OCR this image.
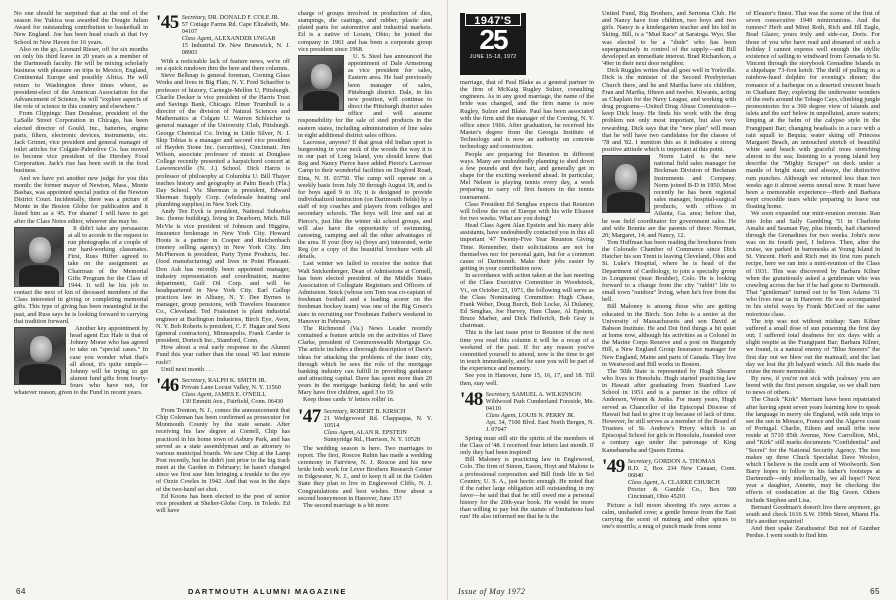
No one should be surprised that at the end of the season Joe Yukica was awarded the Dougie Julian Award for outstanding contribution to basketball in New England. Joe has been head coach at that Ivy School in New Haven for 16 years.

Also on the go, Leonard Rieser, off for six months on only his third leave in 20 years as a member of the Dartmouth faculty. He will be mixing scholarly business with pleasure on trips to Mexico, England, Continental Europe and possibly Africa. He will return to Washington three times where, as president-elect of the American Association for the Advancement of Science, he will "explore aspects of the role of science in this country and elsewhere."

From Clippings: Dan Donahue, president of the LaSalle Street Corporation in Chicago, has been elected director of Gould, Inc., batteries, engine parts, filters, electronic devices, instruments, etc. Jack Grimm, vice president and general manager of toilet articles for Colgate-Palmolive Co. has moved to become vice president of the Hershey Food Corporation. Jack's rise has been swift in the food business.

And we have yet another new judge for you this month: the former mayor of Newton, Mass., Monte Basbas, was appointed special justice of the Newton District Court. Incidentally, there was a picture of Monte in the Boston Globe for publication and it listed him as a '45. For shame! I will have to get after the Class Notes editor, whoever she may be.

It didn't take any persuasion at all to accede to the request to run photographs of a couple of our hard-working classmates. First, Russ Hiffer agreed to take on the assignment as Chairman of the Memorial Gifts Program for the Class of 1944. It will be his job to contact the next of kin of deceased members of the Class interested in giving or completing memorial gifts. This type of giving has been meaningful in the past, and Russ says he is looking forward to carrying that tradition forward.

Another key appointment by head agent Ezz Hale is that of Johnny Morse who has agreed to take on "special cases." In case you wonder what that's all about, it's quite simple—Johnny will be trying to get alumni fund gifts from fourty-fours who have not, for whatever reason, given to the Fund in recent years.

'45 Secretary, DR. DONALD F. COLE JR.
57 Cottage Farms Rd. Cape Elizabeth, Me. 04107
Class Agent, ALEXANDER UNGAR
15 Industrial Dr. New Brunswick, N. J. 08903

With a noticeable lack of feature news, we're off on a quick rundown thru the here and there columns.

Steve Belknap is general foreman, Corning Glass Works and lives in Big Flats, N. Y. Fred Schaeffer is professor of history, Carnegie-Mellon U, Pittsburgh. Charlie Decker is vice president of the Harris Trust and Savings Bank, Chicago. Elmer Trumbull is a director of the division of Natural Sciences and Mathematics at Colgate U. Warren Schleicher is general manager of the University Club, Pittsburgh. George Chemical Co. living in Little Silver, N. J. Skip Tobias is a manager and second vice president of Hayden Stone Inc. (securities), Cincinnati. Jim Wilson, associate professor of music at Douglass College recently presented a harpsichord concert at Lawrenceville (N. J.) School. Dick Harris is professor of philosophy at Columbia U. Bill Thayer teaches history and geography at Palm Beach (Fla.) Day School. Vic Sherman is president, Edward Sherman Supply Corp. (wholesale heating and plumbing supplies) in New York City.

Andy Ten Eyck is president, National Suburbia Inc. (home building), living in Dearborn, Mich. Bill McVie is vice president of Johnson and Higgins, insurance brokerage in New York City. Howard Hoots is a partner in Cooper and Reichenbach (money selling agency) in New York City. Jim McPherson is president, Party Tyme Products, Inc. (food manufacturing) and lives in Point Pleasant. Don Ash has recently been appointed manager, industry representation and coordination, marine department, Gulf Oil Corp. and will be headquartered in New York City. Earl Gallup practices law in Albany, N. Y. Dee Byrnes is manager, group pensions, with Travelers Insurance Co., Cleveland. Ted Fraissinet is plant industrial engineer at Burlington Industries, Birch Eye, Avon, N. Y. Bob Roberts is president, C. F. Hagan and Sons (general contractors), Minneapolis. Frank Carder is president, Dortech Inc., Stamford, Conn.

How about a real early response to the Alumni Fund this year rather than the usual '45 last minute rush!!

Until next month . . .

'46 Secretary, RALPH K. SMITH JR.
Private Lane Locust Valley, N. Y. 11560
Class Agent, JAMES E. O'NEILL
130 Emmitt Ave., Fairfield, Conn. 06430

From Trenton, N. J., comes the announcement that Chip Coleman has been confirmed as prosecutor for Monmouth County by the state senate. After receiving his law degree at Cornell, Chip has practiced in his home town of Asbury Park, and has served as a state assemblyman and as attorney to various municipal boards. We saw Chip at the Lamp Post recently, but he didn't just prior to the big track meet at the Garden in February; he hasn't changed since we first saw him bringing a trunkle to the eye of Ozzie Cowles in 1942. And that was in the days of the two-hand set shot.

Ed Koons has been elected to the post of senior vice president at Shelter-Globe Corp. in Toledo. Ed will have

charge of groups involved in production of dies, stampings, die castings, and rubber, plastic and plated parts for automotive and industrial markets. Ed is a native of Lorain, Ohio; he joined the company in 1961 and has been a corporate group vice president since 1968.

U. S. Steel has announced the appointment of Dale Armstrong as vice president for sales, Eastern area. He had previously been manager of sales, Pittsburgh district. Dale, in his new position, will continue to direct the Pittsburgh district sales office and will assume responsibility for the sale of steel products in the eastern states, including administration of line sales in eight additional district sales offices.

Lacrosse, anyone? If that great old Indian sport is burgeoning in your neck of the woods the way it is in our part of Long Island, you should know that Reg and Nancy Pierce have added Pierce's Lacrosse Camp to their wonderful facilities on Dogford Road, Etna, N. H. 03750. The camp will operate on a weekly basis from July 30 through August 18, and is for boys aged 9 to 16; it is designed to provide individualized instruction (on Dartmouth fields) by a staff of top coaches and players from colleges and secondary schools. The boys will live and eat at Pierce's, just like the winter ski school groups, and will also have the opportunity of swimming, canoeing, camping and all the other advantages of the area. If your (boy is) (boys are) interested, write Reg (or a copy of the beautiful brochure with all details.

Last winter we failed to receive the notice that Walt Snickenberger, Dean of Admissions at Cornell, has been elected president of the Middle States Association of Collegiate Registrars and Officers of Admission. Snick (whose son Tom was co-captain of freshman football and a leading scorer on the freshman hockey team) was one of the Big Green's stars in recruiting our Freshman Father's weekend in Hanover in February.

The Richmond (Va.) News Leader recently contained a feature article on the activities of Dave Clarke, president of Commonwealth Mortgage Co. The article includes a thorough description of Dave's ideas for attacking the problems of the inner city, through which he sees the role of the mortgage banking industry can fulfill in providing guidance and attracting capital. Dave has spent more than 20 years in the mortgage banking field; he and wife Mary have five children, aged 3 to 19.

Keep those cards 'n' letters rollin' in.

'47 Secretary, ROBERT B. KIRSCH
21 Wedgewood Rd. Chappaqua, N. Y. 10514
Class Agent, ALAN R. EPSTEIN
Sunnyridge Rd., Harrison, N. Y. 10528

The wedding season is here. Two marriages to report. The first, Roscoe Rubin has made a wedding ceremony in Fairview, N. J. Roscoe and his new bride both work for Lever Brothers Research Center in Edgewater, N. J., and to keep it all in the Golden State they plan to live in Englewood Cliffs, N. J. Congratulations and best wishes. How about a second honeymoon in Hanover, June 15?

The second marriage is a bit more

64	DARTMOUTH ALUMNI MAGAZINE
1947'S
25
JUNE 15-18, 1972

marriage, that of Paul Blake as a general partner in the firm of McKaig Rugley Sulzer, consulting engineers. As in any good marriage, the name of the bride was changed, and the firm name is now Rugley, Sulzer and Blake. Paul has been associated with the firm and the manager of the Corning, N. Y. office since 1966. After graduation, he received his Master's degree from the Georgia Institute of Technology and is now an authority on concrete technology and construction.

People are preparing for Reunion in different ways. Many are undoubtedly planning to shed down a few pounds and dye hair, and generally get in shape for the exciting weekend ahead. In particular, Mel Nelson is playing tennis every day, a week preparing to carry off first honors in the tennis tournament.

Class President Ed Senghas expects that Reunion will follow the run of Europe with his wife Eleanor for two weeks. What are you doing?

Head Class Agent Alan Epstein and his many able assistants, have undoubtedly contacted you in this all important '47 Twenty-Five Year Reunion Giving Time. Remember, their solicitations are not for themselves nor for personal gain, but for a common cause of Dartmouth. Make their jobs easier by getting in your contribution now.

In accordance with action taken at the last meeting of the Class Executive Committee in Woodstock, Vt., on October 23, 1971, the following will serve as the Class Nominating Committee: Hugh Chase, Frank Weber, Doug Burch, Bob Locke, Al Dulaney, Ed Senghas, Joe Harvey, Ham Chase, Al Epstein, Bruce Marher, and Dick Helferich, Bob Gray is chairman.

This is the last issue prior to Reunion of the next time you read this column it will be a recap of a weekend of the past. If for any reason you've committed yourself to attend, now is the time to get in touch immediately, and be sure you will be part of the experience and memory.

See you in Hanover, June 15, 16, 17, and 18. Till then, stay well.

'48 Secretary, SAMUEL A. WILKINSON
Wildwood Park Cumberland Foreside, Me. 04110
Class Agent, LOUIS N. PERRY JR.
Apt. 34, 7100 Blvd. East North Bergen, N. J. 07047

Spring must still stir the spirits of the members of the Class of '48. I received four letters last month. If only they had been inspired!

Bill Maloney is practicing law in Englewood, Colo. The firm of Simon, Eason, Hoyt and Malone is a professional corporation and Bill finds life in Sol Country, U. S. A., just hectic enough. He noted that if the rather large obligation still outstanding in my favor—he said that that he still owed me a personal history for the 20th-year book. He would be more than willing to pay but the statute of limitations had run! He also informed me that he is the

United Fund, Big Brothers, and Sertoma Club. He and Nancy have four children, two boys and two girls. Nancy is a kindergarten teacher and his kid in Skiing. Bill, is a "Mud Race" at Saratoga. Wyo. She was elected to be a "dude" who has been supergenuinely in control of the supply—and Bill developed an immediate interest. Brad Richardson, a '49er in their next door neighbor.

Dick Ruggles writes that all goes well in Yorkville. Dick is the minister of the Second Presbyterian Church there, and he and Martha have six children, Fran and Martha, fifteen and twelve. Kiwanis, acting as Chaplain for the Navy League, and working with drug programs—United Drug Abuse Commission—keep Dick busy. He finds his work with the drug problem not only most important, but also very rewarding. Dick says that the "new plan" will mean that he will have two candidates for the classes of '78 and '82. I mention this as it indicates a strong positive attitude which is important at this point.

Norm Laird is the new national field sales manager for Beckman Division of Beckman Instruments and Company. Norm joined B-D in 1950. Most recently he has been regional sales manager, hospital-surgical products, with offices in Atlanta, Ga. area; before that, he was field coordinator for government sales. He and wife Bonnie are the parents of three: Norman, 20; Margaret, 14; and Nancy, 12.

Tom Huffman has been reading the brochures from the Colorado Chamber of Commerce since Dick Hatcher his son Trent is leaving Cleveland, Ohio and St. Luke's Hospital, where he is head of the Department of Cardiology, to join a specialty group in Longmont (near Boulder), Colo. He is looking forward to a change from the city "rabbit" life to small town "outdoor" living, when he's free from the bell.

Bill Maloney is among those who are getting educated in the Birch. Son John is a senior at the University of Massachusetts and son David at Babson Institute. He and Dot find things a bit quiet at home now, although his activities as a Colonel in the Marine Corps Reserve and a post on Burgundy Hill, a New England Group Insurance manager for New England, Maine and parts of Canada. They live in Westwood and Bill works in Boston.

The 50th State is represented by Hugh Shearer who lives in Honolulu. Hugh started practicing law in Hawaii after graduating from Stanford Law School in 1951 and is a partner in the office of Anderson, Wrenn & Jenks. For many years, Hugh served as Chancellor of the Episcopal Diocese of Hawaii but had to give it up because of lack of time. However, he still serves as a member of the Board of Trustees of St. Andrew's Priory which is an Episcopal School for girls in Honolulu, founded over a century ago under the patronage of King Kamehameha and Queen Emma.

'49 Secretary, GORDON A. THOMAS
R.D. 2, Box 234 New Canaan, Conn. 06840
Class Agent, A. CLARKE CHURCH
Procter & Gamble Co., Box 599 Cincinnati, Ohio 45201

Picture a full moon shooting it's rays across a calm, unshaded cove; a gentle breeze from the East carrying the scent of nutmeg and other spices to one's nostrils; a mug of punch made from some

of Eleazer's finest. That was the scene of the first of seven consecutive 1949 minireunions. And the rumors? Herb and Mimi Roth, Rich and Jill Eagle, Brad Glazer, yours truly and side-car, Doris. For those of you who have read and dreamed of such a holiday I cannot express well enough the idyllic existence of sailing to windward from Grenada to St. Vincent through the storybook Grenadine Islands in a shipshape 73-foot ketch. The thrill of pulling in a rainbow-hued dolphin for evening's dinner; the romance of a barbeque on a deserted crescent beach in Chatham Bay; exploring the underwater wonders of the reefs around the Tobago Cays, climbing jungle promontories for a 360 degree view of islands and islets and the surf below in unpolluted, azure waters; limping at the helm of the calypso style in the Frangipani Bar; changing headsails in a race with a rain squall to Bequia; water skiing off Princess Margaret Beach, an untouched stretch of beautiful white sand beach with graceful trees stretching almost to the sea; listening to a young island boy describe the "Mighty Scraper" on deck under a mantle of bright stars; and always, the distinctive rum punches. Although we returned less than two weeks ago it almost seems unreal now. It must have been a memorable experience—Herb and Barbara wept crocodile tears while preparing to leave our floating home.

We soon expanded our mini-reunion enroute. Ran into John and Sally Gambling '51 in Charlotte Amalie and Seaman Pay, plus friends, had chartered through the Grenadines for two weeks. John's now was on its fourth peel, I believe. Then, after the cruise, we parked in barrenesks at Young Island in St. Vincent. Herb and Rich met its first rum punch recipe, here we ran into a mini-reunion of the Class of 1931. This was discovered by Barbara Kilner when the gratuitously asked a gentleman who was crawling across the bar if he had gone to Dartmouth. That "gentleman" turned out to be Tom Adams '31 who lives near us in Hanover. He was accompanied in his sinful ways by Frank McCord of the same notorious class.

The trip was not without mishap: Sam Kilner suffered a small dose of sun poisoning the first day out; I suffered total deafness for six days with a slight respite as the Frangipani Bar; Barbara Kilner, we found, is a natural enemy of "Blue Snorers" the first day out we blew out the mainsail; and the last day we lost the jib halyard winch. All this made the cruise the more memorable.

By now, if you're not sick with jealousy you are bored with the first person singular, so we shall turn to news of others.

The Chuck "Kirk" Merriam have been repatriated after having spent seven years learning how to speak the language in merry ole England, with side trips to see the sun in Monaco, France and the Algarve coast of Portugal. Charlie, Eileen and small tribe now reside at 5710 85th Avenue, New Carrollton, Md., and "Kirk" still marks documents "Confidential" and "Secret" for the National Security Agency. The tree makes up three Chuck Specialist Dave Woolco, which I believe is the credit arm of Woolworth. Son Barry hopes to follow in his father's footsteps at Dartmouth—only intellectually, we all hope!! Next year a daughter, Annette, may be checking the effects of coeducation at the Big Green. Others include Stephen and Lisa.

Bernard Goodman's doesn't live there anymore, go south and check 1616 S.W. 199th Street, Miami Fla. He's another expatriot!

And then spake Zarathustra! But not of Gunther Perdue. I went south to find him

Issue of May 1972	65
